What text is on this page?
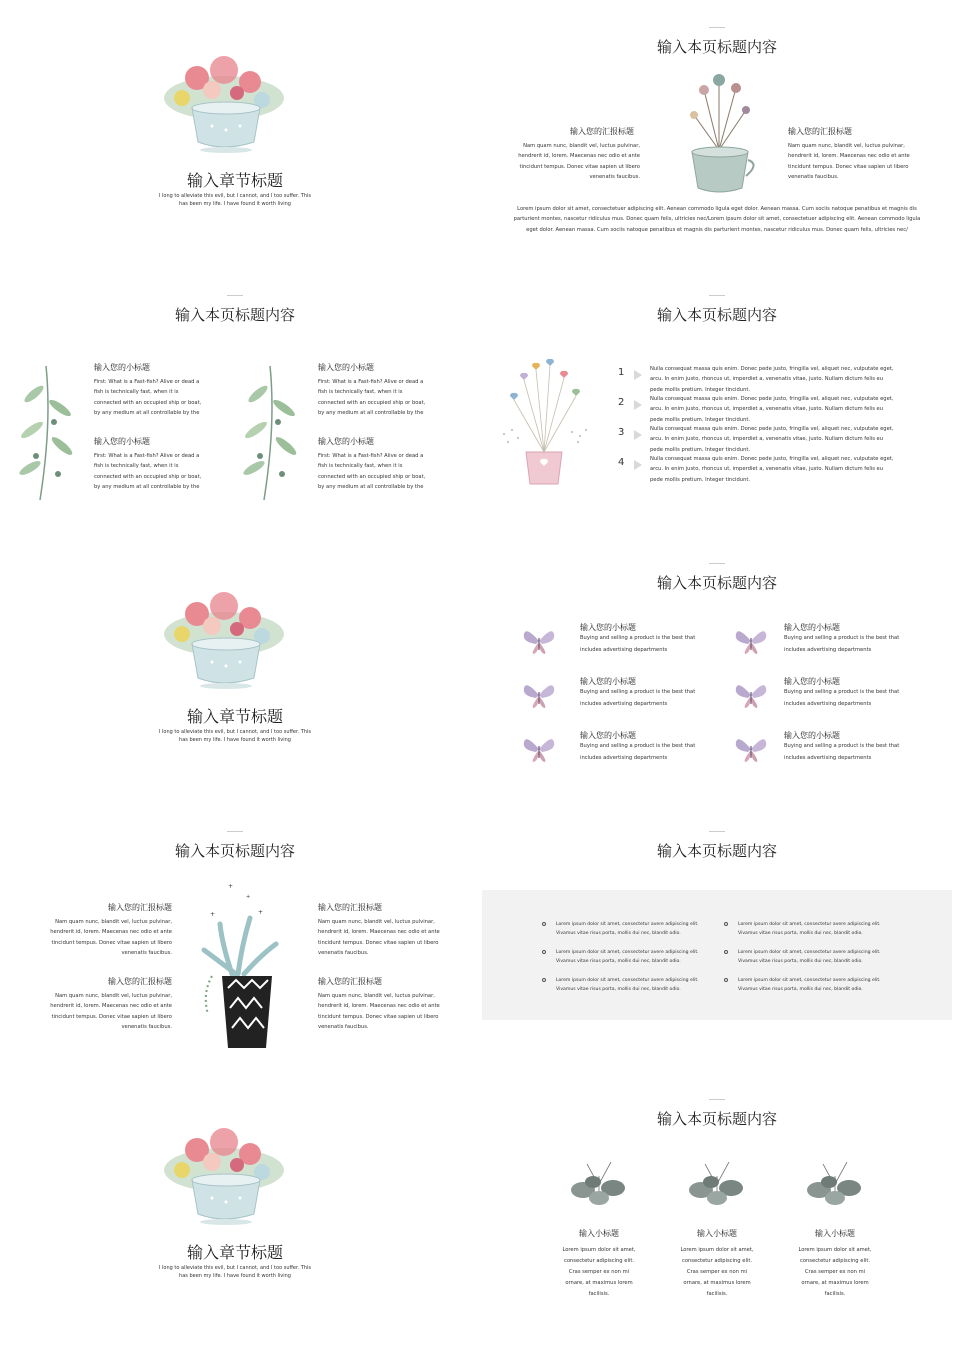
输入章节标题
I long to alleviate this evil, but I cannot, and I too suffer. This has been my life. I have found it worth living
输入本页标题内容
输入您的汇报标题
Nam quam nunc, blandit vel, luctus pulvinar, hendrerit id, lorem. Maecenas nec odio et ante tincidunt tempus. Donec vitae sapien ut libero venenatis faucibus.
输入您的汇报标题
Nam quam nunc, blandit vel, luctus pulvinar, hendrerit id, lorem. Maecenas nec odio et ante tincidunt tempus. Donec vitae sapien ut libero venenatis faucibus.
Lorem ipsum dolor sit amet, consectetuer adipiscing elit. Aenean commodo ligula eget dolor. Aenean massa. Cum sociis natoque penatibus et magnis dis parturient montes, nascetur ridiculus mus. Donec quam felis, ultricies nec/Lorem ipsum dolor sit amet, consectetuer adipiscing elit. Aenean commodo ligula eget dolor. Aenean massa. Cum sociis natoque penatibus et magnis dis parturient montes, nascetur ridiculus mus. Donec quam felis, ultricies nec/
输入本页标题内容
输入您的小标题
First: What is a Fast-fish? Alive or dead a fish is technically fast, when it is connected with an occupied ship or boat, by any medium at all controllable by the
输入您的小标题
First: What is a Fast-fish? Alive or dead a fish is technically fast, when it is connected with an occupied ship or boat, by any medium at all controllable by the
输入您的小标题
First: What is a Fast-fish? Alive or dead a fish is technically fast, when it is connected with an occupied ship or boat, by any medium at all controllable by the
输入您的小标题
First: What is a Fast-fish? Alive or dead a fish is technically fast, when it is connected with an occupied ship or boat, by any medium at all controllable by the
输入本页标题内容
1	Nulla consequat massa quis enim. Donec pede justo, fringilla vel, aliquet nec, vulputate eget, arcu. In enim justo, rhoncus ut, imperdiet a, venenatis vitae, justo. Nullam dictum felis eu pede mollis pretium. Integer tincidunt.
2	Nulla consequat massa quis enim. Donec pede justo, fringilla vel, aliquet nec, vulputate eget, arcu. In enim justo, rhoncus ut, imperdiet a, venenatis vitae, justo. Nullam dictum felis eu pede mollis pretium. Integer tincidunt.
3	Nulla consequat massa quis enim. Donec pede justo, fringilla vel, aliquet nec, vulputate eget, arcu. In enim justo, rhoncus ut, imperdiet a, venenatis vitae, justo. Nullam dictum felis eu pede mollis pretium. Integer tincidunt.
4	Nulla consequat massa quis enim. Donec pede justo, fringilla vel, aliquet nec, vulputate eget, arcu. In enim justo, rhoncus ut, imperdiet a, venenatis vitae, justo. Nullam dictum felis eu pede mollis pretium. Integer tincidunt.
输入章节标题
I long to alleviate this evil, but I cannot, and I too suffer. This has been my life. I have found it worth living
输入本页标题内容
输入您的小标题
Buying and selling a product is the best that includes advertising departments
输入您的小标题
Buying and selling a product is the best that includes advertising departments
输入您的小标题
Buying and selling a product is the best that includes advertising departments
输入您的小标题
Buying and selling a product is the best that includes advertising departments
输入您的小标题
Buying and selling a product is the best that includes advertising departments
输入您的小标题
Buying and selling a product is the best that includes advertising departments
输入本页标题内容
+
+	+
+
输入您的汇报标题
Nam quam nunc, blandit vel, luctus pulvinar, hendrerit id, lorem. Maecenas nec odio et ante tincidunt tempus. Donec vitae sapien ut libero venenatis faucibus.
输入您的汇报标题
Nam quam nunc, blandit vel, luctus pulvinar, hendrerit id, lorem. Maecenas nec odio et ante tincidunt tempus. Donec vitae sapien ut libero venenatis faucibus.
输入您的汇报标题
Nam quam nunc, blandit vel, luctus pulvinar, hendrerit id, lorem. Maecenas nec odio et ante tincidunt tempus. Donec vitae sapien ut libero venenatis faucibus.
输入您的汇报标题
Nam quam nunc, blandit vel, luctus pulvinar, hendrerit id, lorem. Maecenas nec odio et ante tincidunt tempus. Donec vitae sapien ut libero venenatis faucibus.
输入本页标题内容
Lorem ipsum dolor sit amet, consectetur avere adipiscing elit. Vivamus vitae risus porta, mollis dui nec, blandit odio.
Lorem ipsum dolor sit amet, consectetur avere adipiscing elit. Vivamus vitae risus porta, mollis dui nec, blandit odio.
Lorem ipsum dolor sit amet, consectetur avere adipiscing elit. Vivamus vitae risus porta, mollis dui nec, blandit odio.
Lorem ipsum dolor sit amet, consectetur avere adipiscing elit. Vivamus vitae risus porta, mollis dui nec, blandit odio.
Lorem ipsum dolor sit amet, consectetur avere adipiscing elit. Vivamus vitae risus porta, mollis dui nec, blandit odio.
Lorem ipsum dolor sit amet, consectetur avere adipiscing elit. Vivamus vitae risus porta, mollis dui nec, blandit odio.
输入章节标题
I long to alleviate this evil, but I cannot, and I too suffer. This has been my life. I have found it worth living
输入本页标题内容
输入小标题
Lorem ipsum dolor sit amet, consectetur adipiscing elit. Cras semper ex non mi ornare, at maximus lorem facilisis.
输入小标题
Lorem ipsum dolor sit amet, consectetur adipiscing elit. Cras semper ex non mi ornare, at maximus lorem facilisis.
输入小标题
Lorem ipsum dolor sit amet, consectetur adipiscing elit. Cras semper ex non mi ornare, at maximus lorem facilisis.
